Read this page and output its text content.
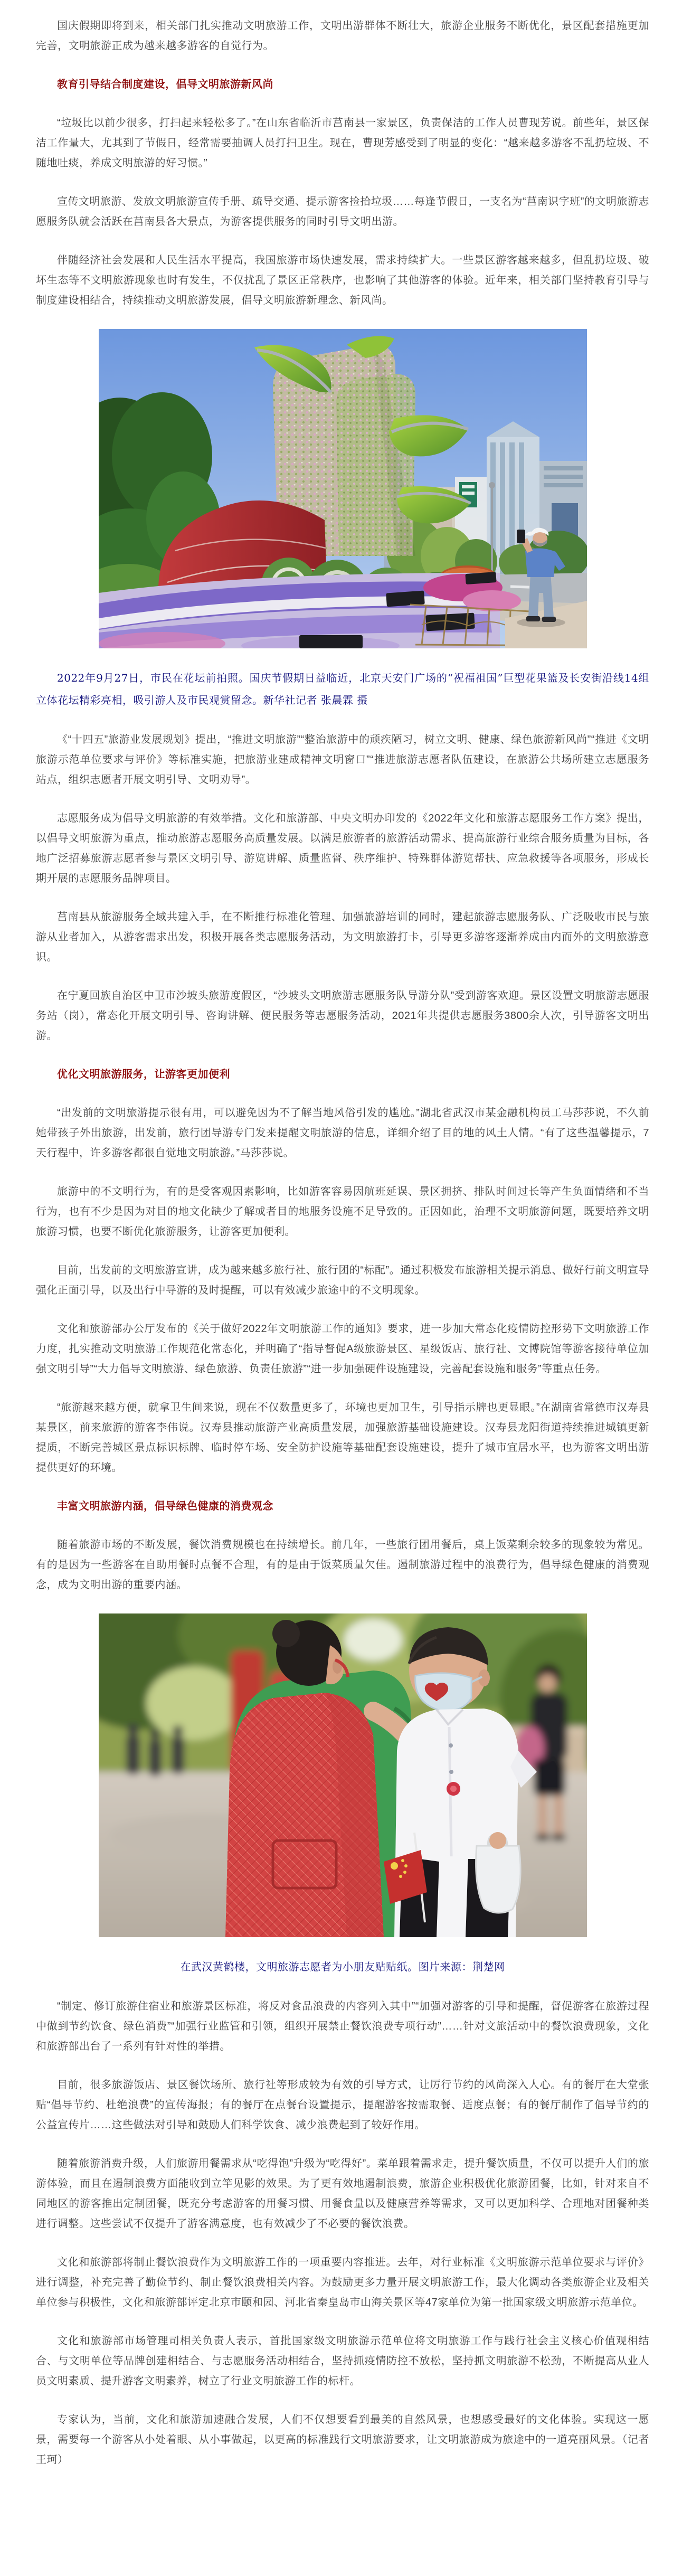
国庆假期即将到来，相关部门扎实推动文明旅游工作，文明出游群体不断壮大，旅游企业服务不断优化，景区配套措施更加完善，文明旅游正成为越来越多游客的自觉行为。

教育引导结合制度建设，倡导文明旅游新风尚

“垃圾比以前少很多，打扫起来轻松多了。”在山东省临沂市莒南县一家景区，负责保洁的工作人员曹现芳说。前些年，景区保洁工作量大，尤其到了节假日，经常需要抽调人员打扫卫生。现在，曹现芳感受到了明显的变化：“越来越多游客不乱扔垃圾、不随地吐痰，养成文明旅游的好习惯。”

宣传文明旅游、发放文明旅游宣传手册、疏导交通、提示游客捡拾垃圾……每逢节假日，一支名为“莒南识字班”的文明旅游志愿服务队就会活跃在莒南县各大景点，为游客提供服务的同时引导文明出游。

伴随经济社会发展和人民生活水平提高，我国旅游市场快速发展，需求持续扩大。一些景区游客越来越多，但乱扔垃圾、破坏生态等不文明旅游现象也时有发生，不仅扰乱了景区正常秩序，也影响了其他游客的体验。近年来，相关部门坚持教育引导与制度建设相结合，持续推动文明旅游发展，倡导文明旅游新理念、新风尚。

2022年9月27日，市民在花坛前拍照。国庆节假期日益临近，北京天安门广场的“祝福祖国”巨型花果篮及长安街沿线14组立体花坛精彩亮相，吸引游人及市民观赏留念。新华社记者 张晨霖 摄

《“十四五”旅游业发展规划》提出，“推进文明旅游”“整治旅游中的顽疾陋习，树立文明、健康、绿色旅游新风尚”“推进《文明旅游示范单位要求与评价》等标准实施，把旅游业建成精神文明窗口”“推进旅游志愿者队伍建设，在旅游公共场所建立志愿服务站点，组织志愿者开展文明引导、文明劝导”。

志愿服务成为倡导文明旅游的有效举措。文化和旅游部、中央文明办印发的《2022年文化和旅游志愿服务工作方案》提出，以倡导文明旅游为重点，推动旅游志愿服务高质量发展。以满足旅游者的旅游活动需求、提高旅游行业综合服务质量为目标，各地广泛招募旅游志愿者参与景区文明引导、游览讲解、质量监督、秩序维护、特殊群体游览帮扶、应急救援等各项服务，形成长期开展的志愿服务品牌项目。

莒南县从旅游服务全域共建入手，在不断推行标准化管理、加强旅游培训的同时，建起旅游志愿服务队、广泛吸收市民与旅游从业者加入，从游客需求出发，积极开展各类志愿服务活动，为文明旅游打卡，引导更多游客逐渐养成由内而外的文明旅游意识。

在宁夏回族自治区中卫市沙坡头旅游度假区，“沙坡头文明旅游志愿服务队导游分队”受到游客欢迎。景区设置文明旅游志愿服务站（岗），常态化开展文明引导、咨询讲解、便民服务等志愿服务活动，2021年共提供志愿服务3800余人次，引导游客文明出游。

优化文明旅游服务，让游客更加便利

“出发前的文明旅游提示很有用，可以避免因为不了解当地风俗引发的尴尬。”湖北省武汉市某金融机构员工马莎莎说，不久前她带孩子外出旅游，出发前，旅行团导游专门发来提醒文明旅游的信息，详细介绍了目的地的风土人情。“有了这些温馨提示，7天行程中，许多游客都很自觉地文明旅游。”马莎莎说。

旅游中的不文明行为，有的是受客观因素影响，比如游客容易因航班延误、景区拥挤、排队时间过长等产生负面情绪和不当行为，也有不少是因为对目的地文化缺少了解或者目的地服务设施不足导致的。正因如此，治理不文明旅游问题，既要培养文明旅游习惯，也要不断优化旅游服务，让游客更加便利。

目前，出发前的文明旅游宣讲，成为越来越多旅行社、旅行团的“标配”。通过积极发布旅游相关提示消息、做好行前文明宣导强化正面引导，以及出行中导游的及时提醒，可以有效减少旅途中的不文明现象。

文化和旅游部办公厅发布的《关于做好2022年文明旅游工作的通知》要求，进一步加大常态化疫情防控形势下文明旅游工作力度，扎实推动文明旅游工作规范化常态化，并明确了“指导督促A级旅游景区、星级饭店、旅行社、文博院馆等游客接待单位加强文明引导”“大力倡导文明旅游、绿色旅游、负责任旅游”“进一步加强硬件设施建设，完善配套设施和服务”等重点任务。

“旅游越来越方便，就拿卫生间来说，现在不仅数量更多了，环境也更加卫生，引导指示牌也更显眼。”在湖南省常德市汉寿县某景区，前来旅游的游客李伟说。汉寿县推动旅游产业高质量发展，加强旅游基础设施建设。汉寿县龙阳街道持续推进城镇更新提质，不断完善城区景点标识标牌、临时停车场、安全防护设施等基础配套设施建设，提升了城市宜居水平，也为游客文明出游提供更好的环境。

丰富文明旅游内涵，倡导绿色健康的消费观念

随着旅游市场的不断发展，餐饮消费规模也在持续增长。前几年，一些旅行团用餐后，桌上饭菜剩余较多的现象较为常见。有的是因为一些游客在自助用餐时点餐不合理，有的是由于饭菜质量欠佳。遏制旅游过程中的浪费行为，倡导绿色健康的消费观念，成为文明出游的重要内涵。

在武汉黄鹤楼，文明旅游志愿者为小朋友贴贴纸。图片来源：荆楚网

“制定、修订旅游住宿业和旅游景区标准，将反对食品浪费的内容列入其中”“加强对游客的引导和提醒，督促游客在旅游过程中做到节约饮食、绿色消费”“加强行业监管和引领，组织开展禁止餐饮浪费专项行动”……针对文旅活动中的餐饮浪费现象，文化和旅游部出台了一系列有针对性的举措。

目前，很多旅游饭店、景区餐饮场所、旅行社等形成较为有效的引导方式，让厉行节约的风尚深入人心。有的餐厅在大堂张贴“倡导节约、杜绝浪费”的宣传海报；有的餐厅在点餐台设置提示，提醒游客按需取餐、适度点餐；有的餐厅制作了倡导节约的公益宣传片……这些做法对引导和鼓励人们科学饮食、减少浪费起到了较好作用。

随着旅游消费升级，人们旅游用餐需求从“吃得饱”升级为“吃得好”。菜单跟着需求走，提升餐饮质量，不仅可以提升人们的旅游体验，而且在遏制浪费方面能收到立竿见影的效果。为了更有效地遏制浪费，旅游企业积极优化旅游团餐，比如，针对来自不同地区的游客推出定制团餐，既充分考虑游客的用餐习惯、用餐食量以及健康营养等需求，又可以更加科学、合理地对团餐种类进行调整。这些尝试不仅提升了游客满意度，也有效减少了不必要的餐饮浪费。

文化和旅游部将制止餐饮浪费作为文明旅游工作的一项重要内容推进。去年，对行业标准《文明旅游示范单位要求与评价》进行调整，补充完善了勤俭节约、制止餐饮浪费相关内容。为鼓励更多力量开展文明旅游工作，最大化调动各类旅游企业及相关单位参与积极性，文化和旅游部评定北京市颐和园、河北省秦皇岛市山海关景区等47家单位为第一批国家级文明旅游示范单位。

文化和旅游部市场管理司相关负责人表示，首批国家级文明旅游示范单位将文明旅游工作与践行社会主义核心价值观相结合、与文明单位等品牌创建相结合、与志愿服务活动相结合，坚持抓疫情防控不放松，坚持抓文明旅游不松劲，不断提高从业人员文明素质、提升游客文明素养，树立了行业文明旅游工作的标杆。

专家认为，当前，文化和旅游加速融合发展，人们不仅想要看到最美的自然风景，也想感受最好的文化体验。实现这一愿景，需要每一个游客从小处着眼、从小事做起，以更高的标准践行文明旅游要求，让文明旅游成为旅途中的一道亮丽风景。（记者 王珂）
